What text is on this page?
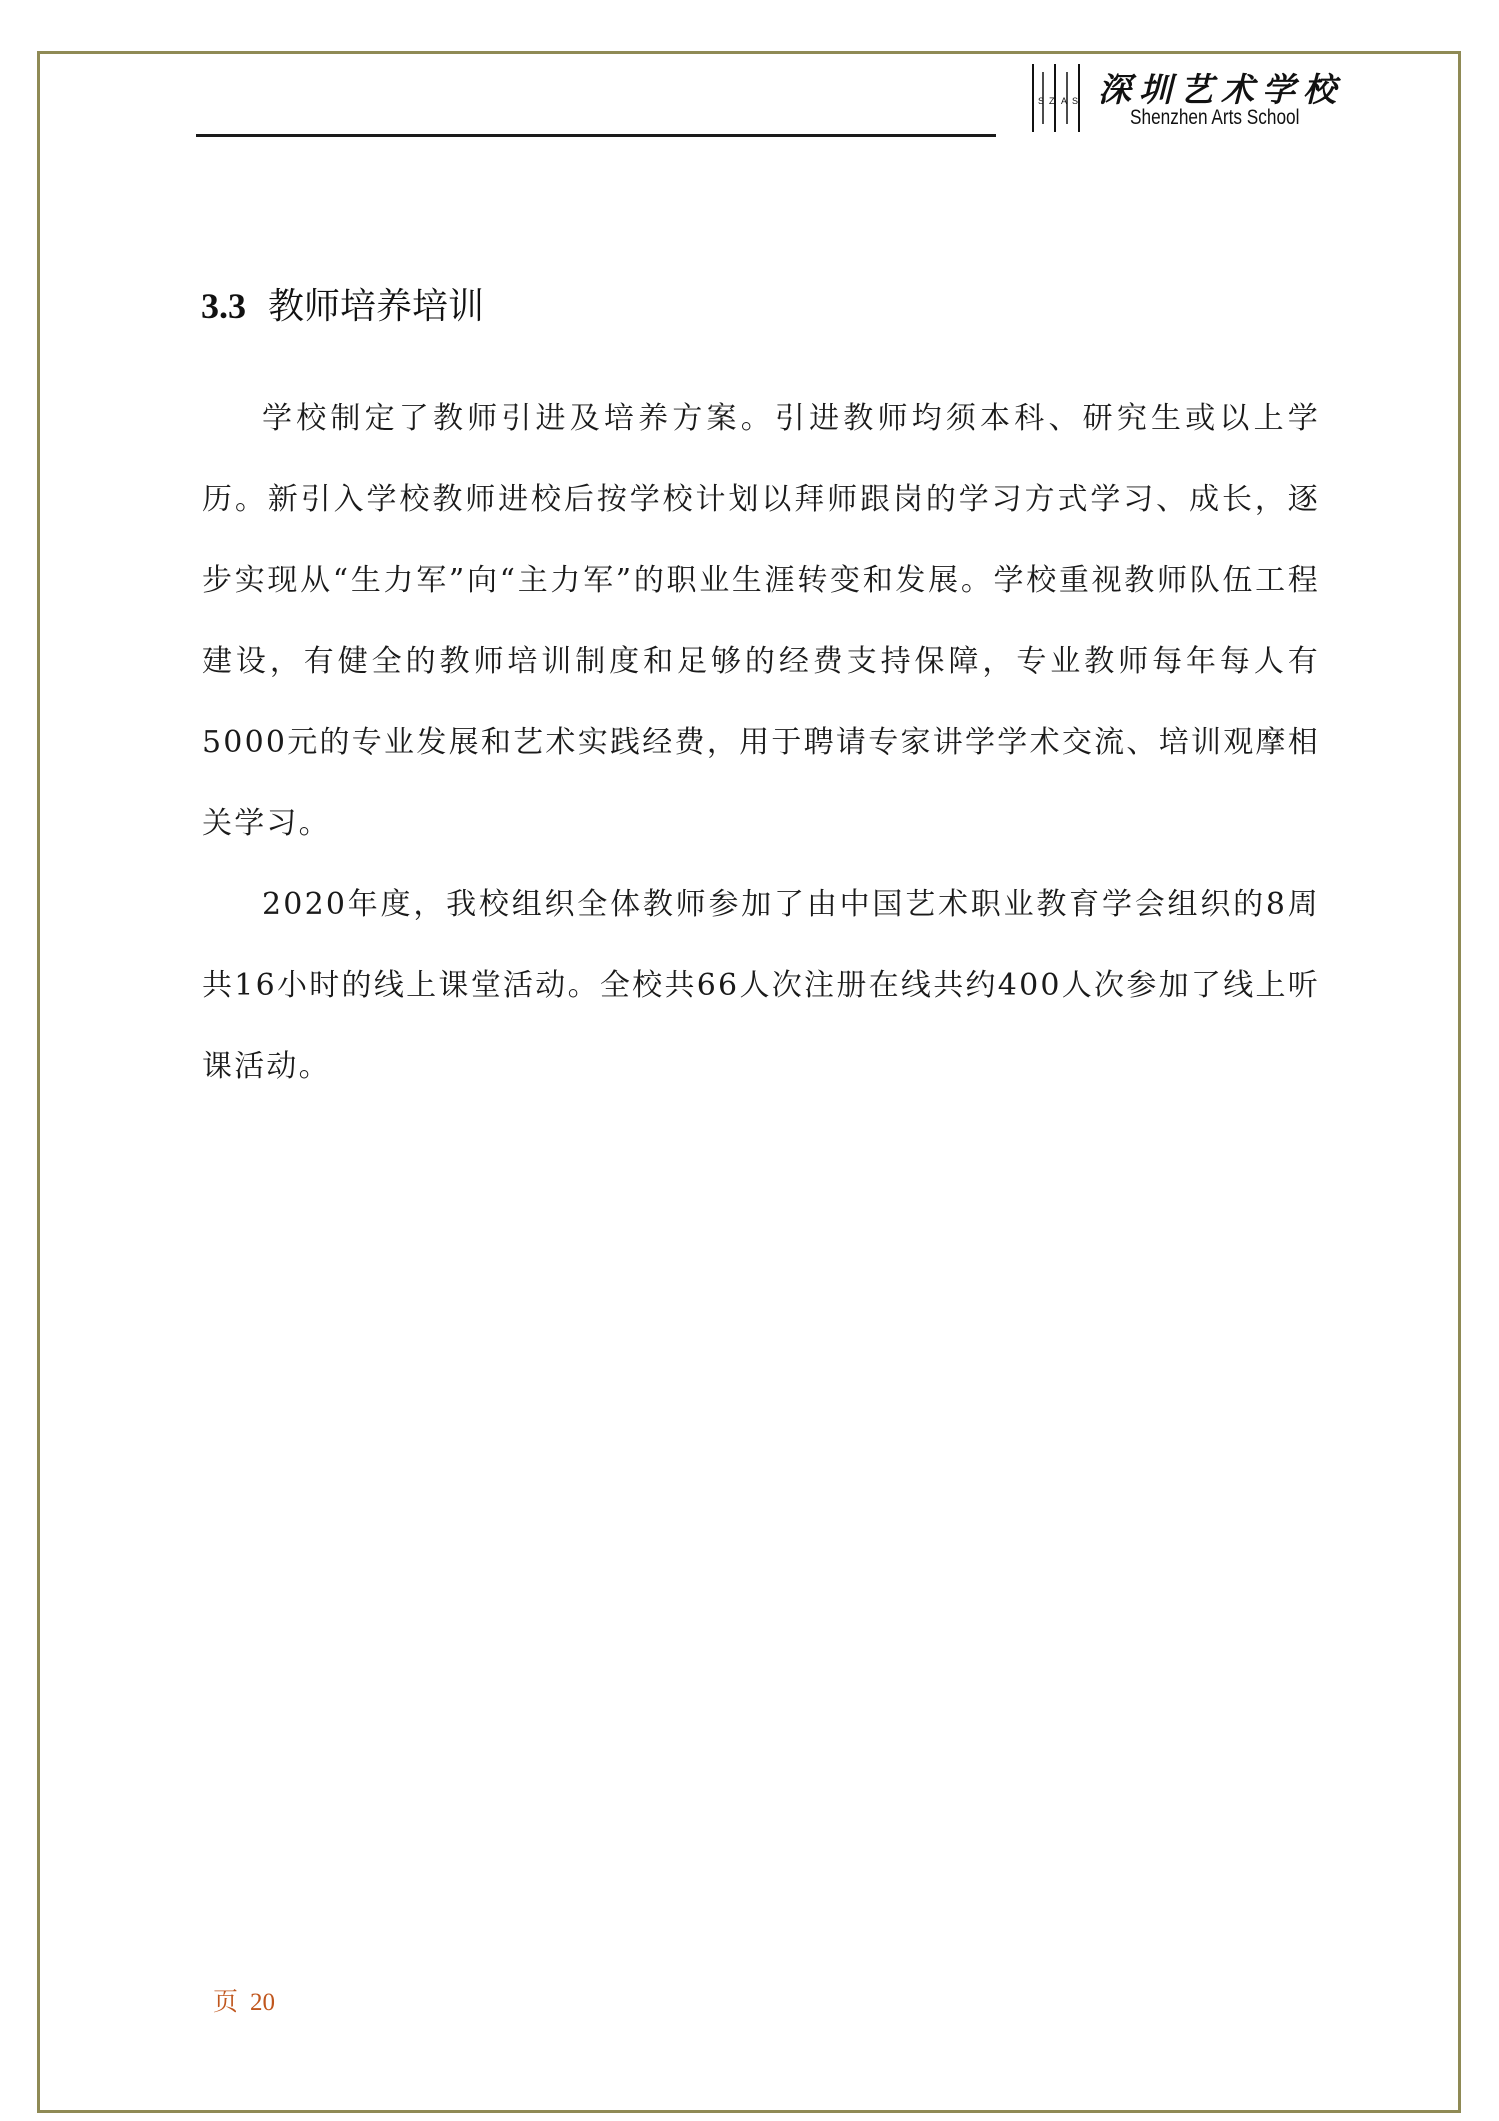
S Z A S 深圳艺术学校
Shenzhen Arts School
3.3 教师培养培训

学校制定了教师引进及培养方案。引进教师均须本科、研究生或以上学历。新引入学校教师进校后按学校计划以拜师跟岗的学习方式学习、成长，逐步实现从“生力军”向“主力军”的职业生涯转变和发展。学校重视教师队伍工程建设，有健全的教师培训制度和足够的经费支持保障，专业教师每年每人有5000元的专业发展和艺术实践经费，用于聘请专家讲学学术交流、培训观摩相关学习。

2020年度，我校组织全体教师参加了由中国艺术职业教育学会组织的8周共16小时的线上课堂活动。全校共66人次注册在线共约400人次参加了线上听课活动。

页 20
